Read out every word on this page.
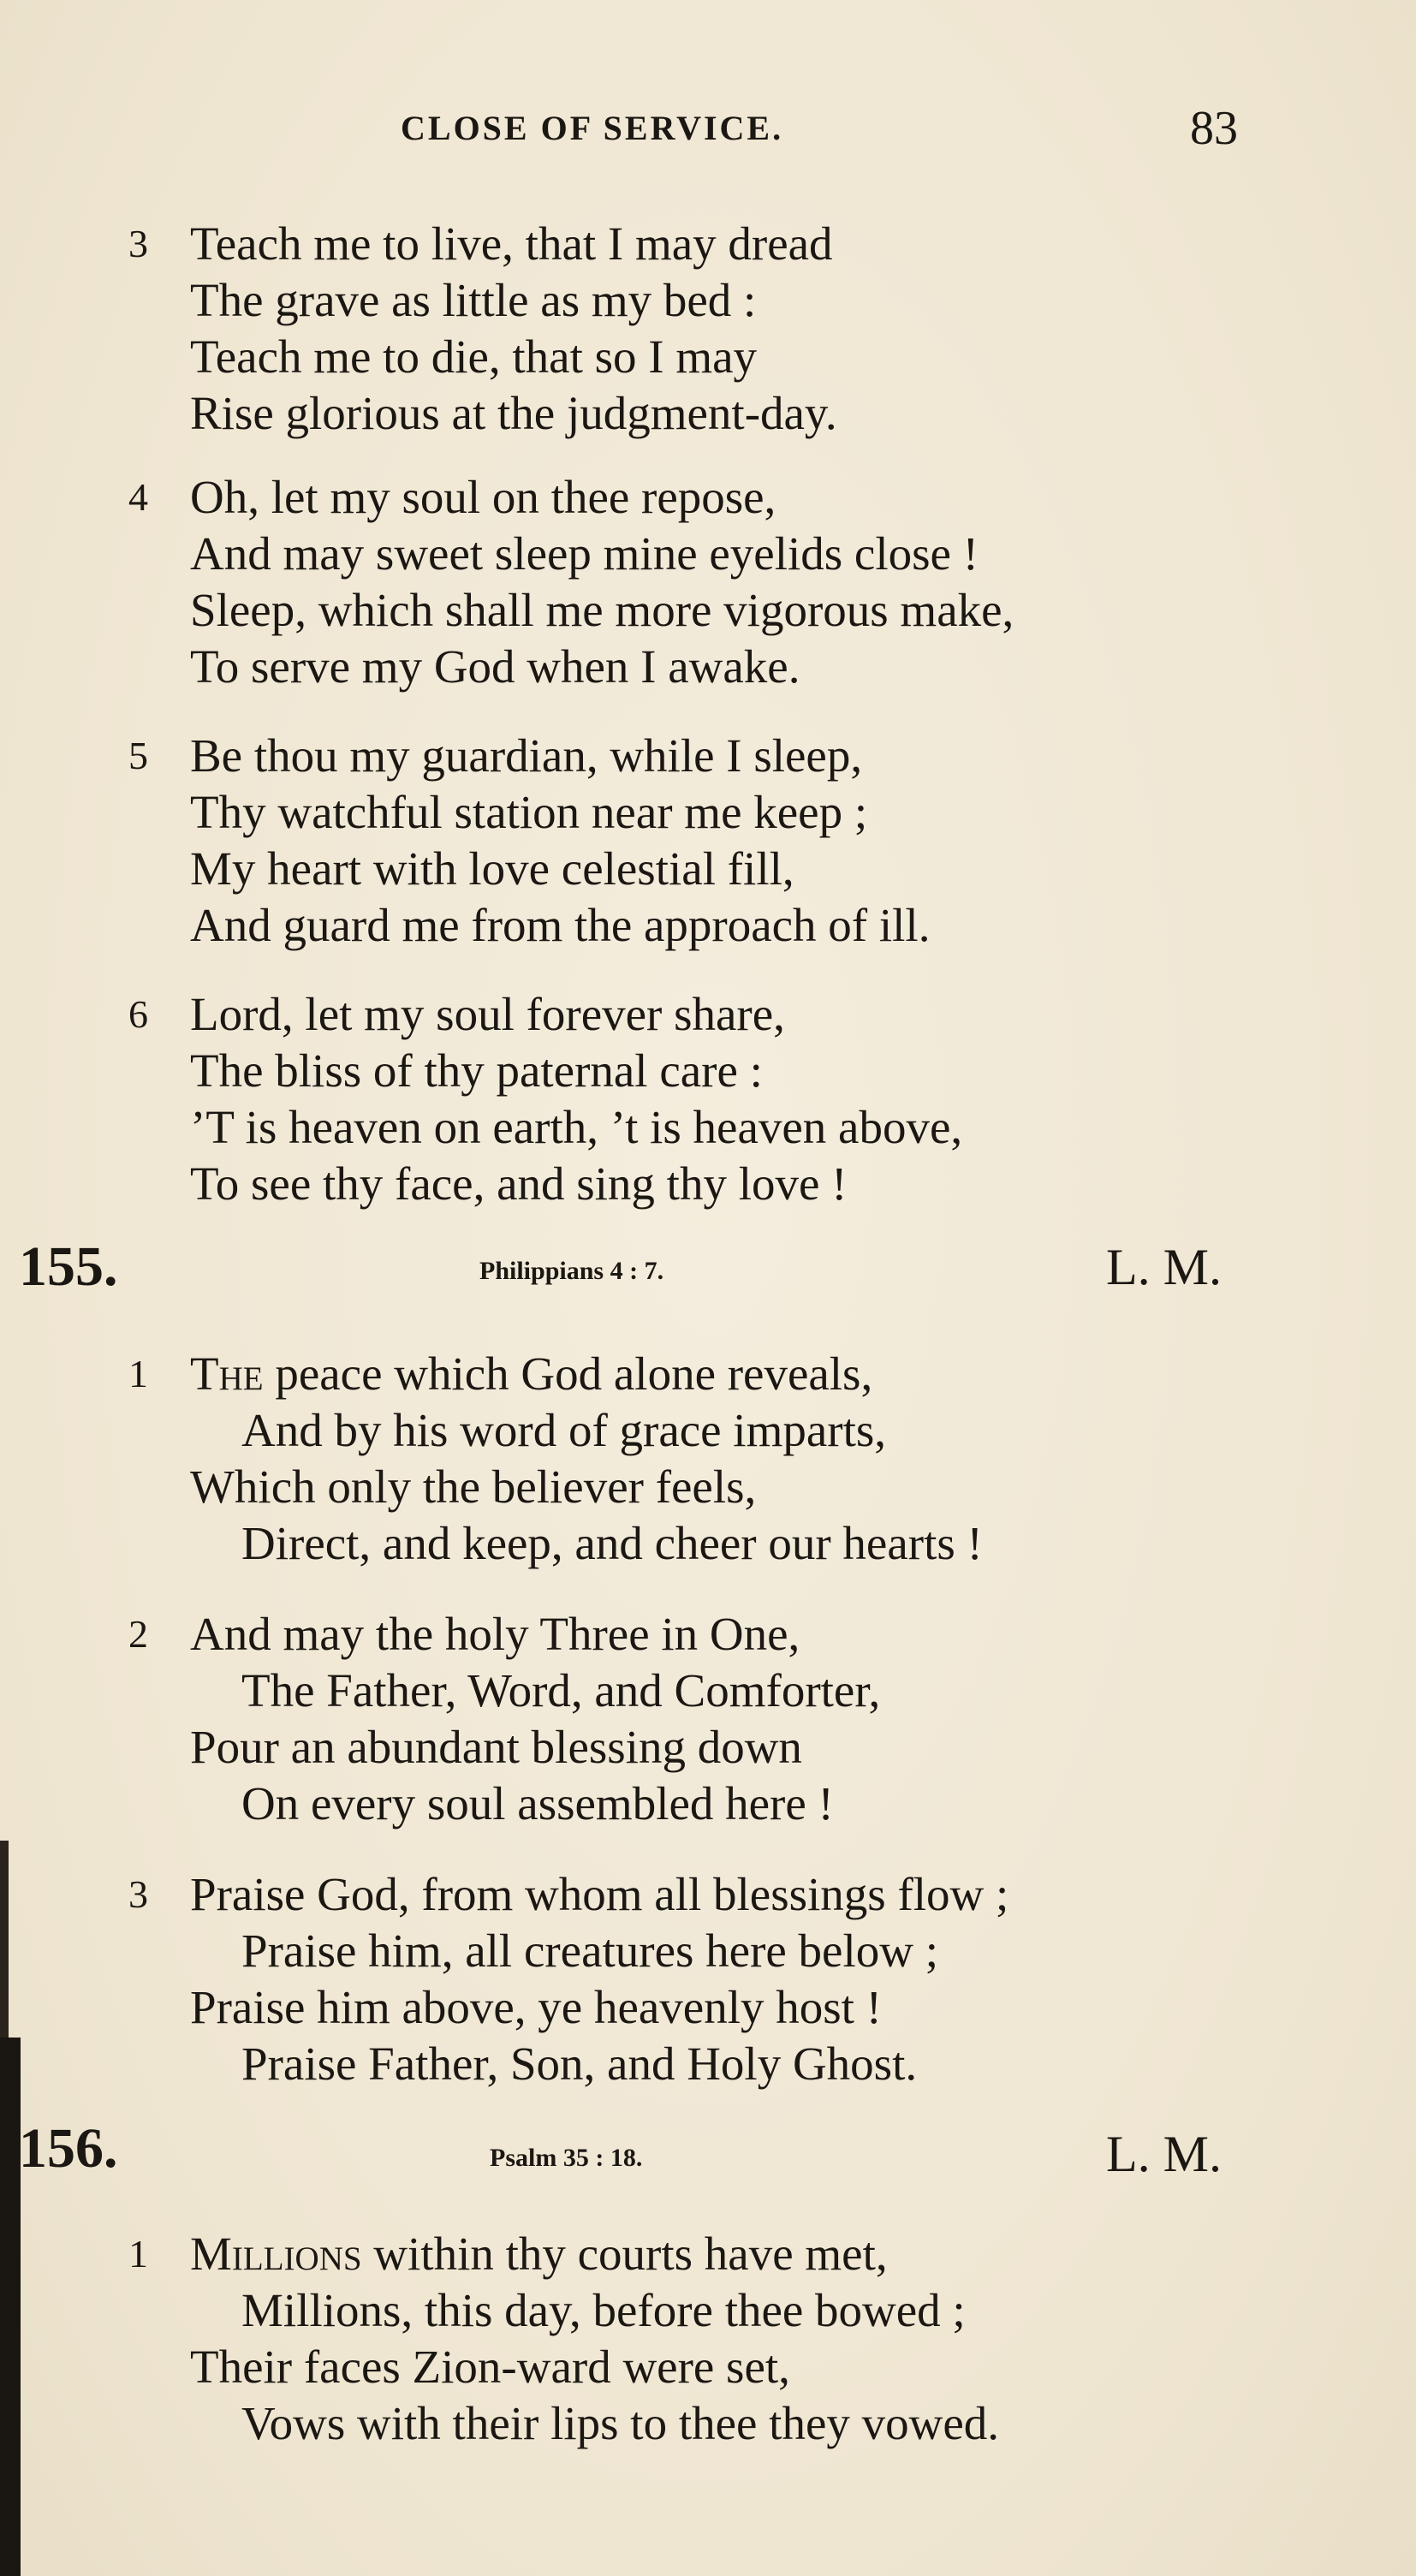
CLOSE OF SERVICE.	83
3 Teach me to live, that I may dread
The grave as little as my bed :
Teach me to die, that so I may
Rise glorious at the judgment-day.
4 Oh, let my soul on thee repose,
And may sweet sleep mine eyelids close !
Sleep, which shall me more vigorous make,
To serve my God when I awake.
5 Be thou my guardian, while I sleep,
Thy watchful station near me keep ;
My heart with love celestial fill,
And guard me from the approach of ill.
6 Lord, let my soul forever share,
The bliss of thy paternal care :
’T is heaven on earth, ’t is heaven above,
To see thy face, and sing thy love !
155.	Philippians 4 : 7.	L. M.
1 The peace which God alone reveals,
And by his word of grace imparts,
Which only the believer feels,
Direct, and keep, and cheer our hearts !
2 And may the holy Three in One,
The Father, Word, and Comforter,
Pour an abundant blessing down
On every soul assembled here !
3 Praise God, from whom all blessings flow ;
Praise him, all creatures here below ;
Praise him above, ye heavenly host !
Praise Father, Son, and Holy Ghost.
156.	Psalm 35 : 18.	L. M.
1 Millions within thy courts have met,
Millions, this day, before thee bowed ;
Their faces Zion-ward were set,
Vows with their lips to thee they vowed.
